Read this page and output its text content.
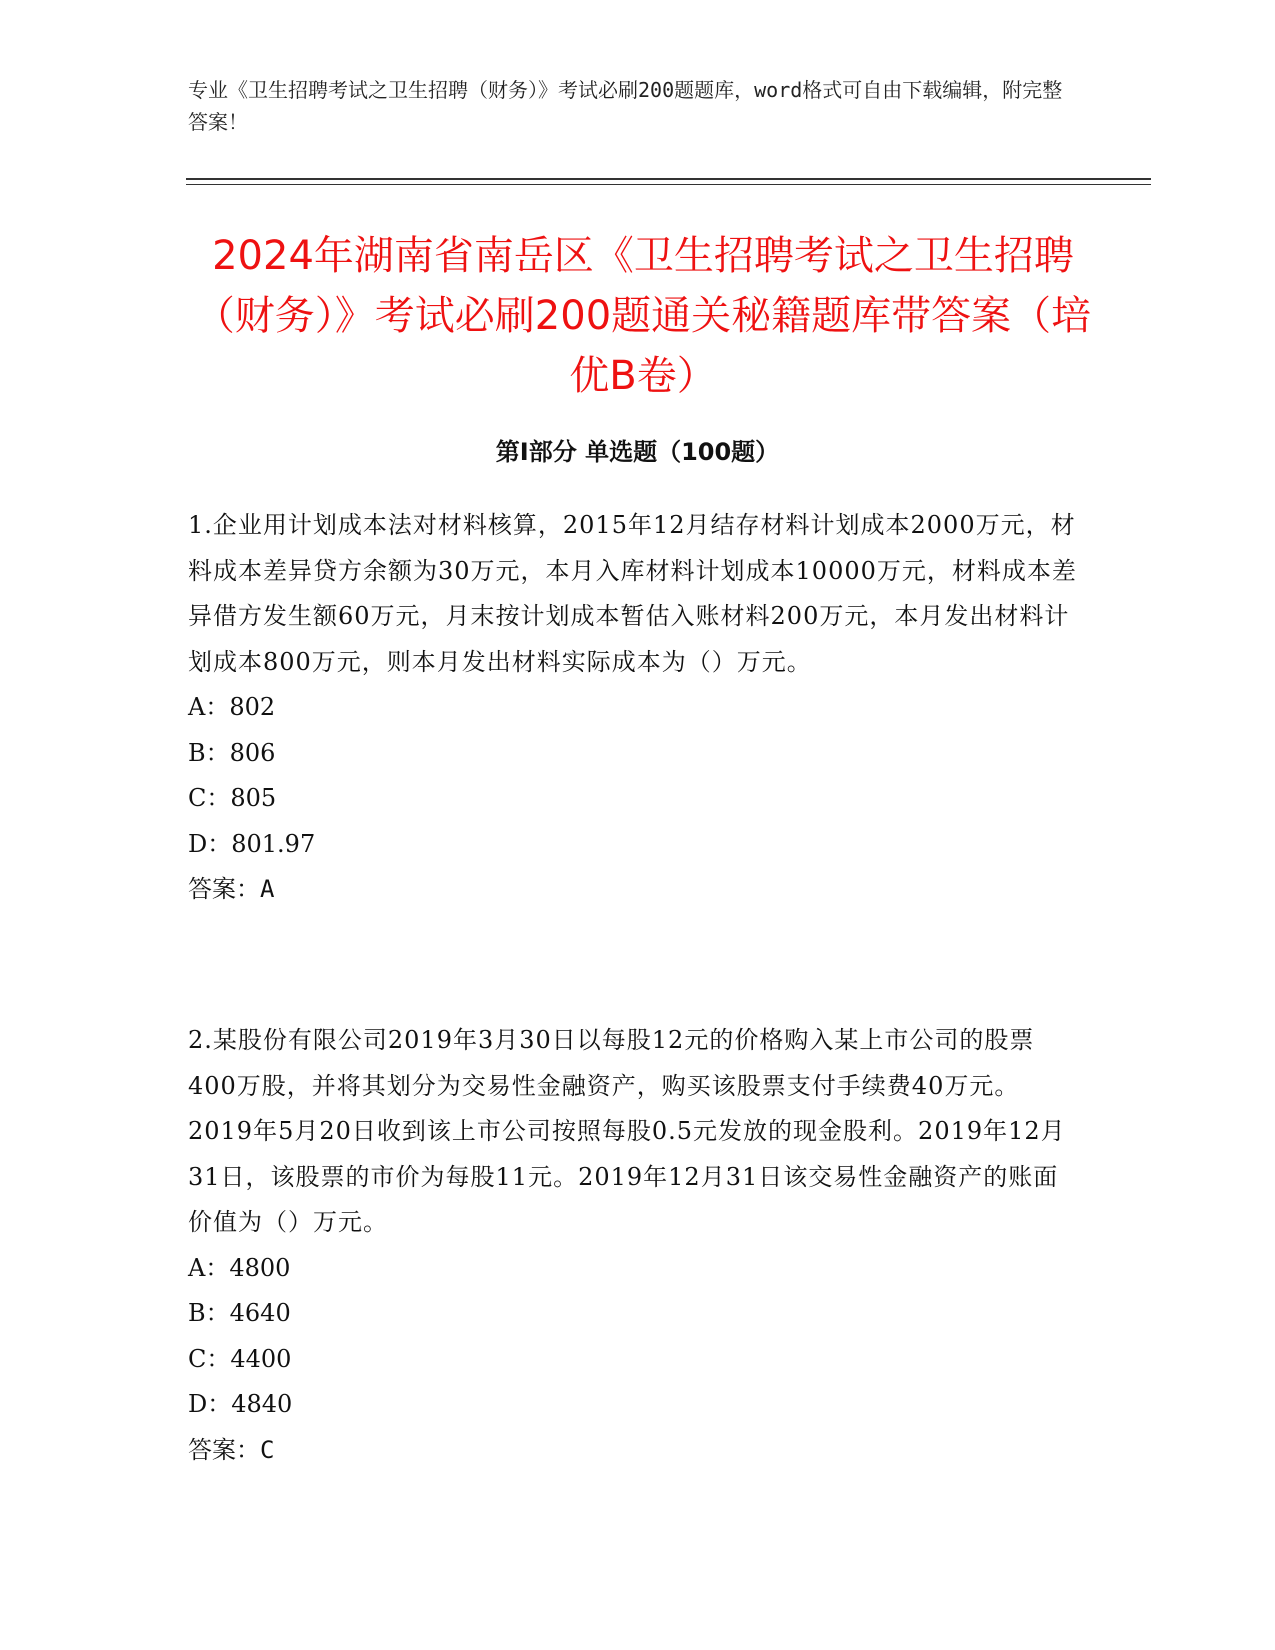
专业《卫生招聘考试之卫生招聘（财务）》考试必刷200题题库，word格式可自由下载编辑，附完整答案！
2024年湖南省南岳区《卫生招聘考试之卫生招聘（财务）》考试必刷200题通关秘籍题库带答案（培优B卷）
第Ⅰ部分 单选题（100题）
1.企业用计划成本法对材料核算，2015年12月结存材料计划成本2000万元，材料成本差异贷方余额为30万元，本月入库材料计划成本10000万元，材料成本差异借方发生额60万元，月末按计划成本暂估入账材料200万元，本月发出材料计划成本800万元，则本月发出材料实际成本为（）万元。
A：802
B：806
C：805
D：801.97
答案：A
2.某股份有限公司2019年3月30日以每股12元的价格购入某上市公司的股票400万股，并将其划分为交易性金融资产，购买该股票支付手续费40万元。2019年5月20日收到该上市公司按照每股0.5元发放的现金股利。2019年12月31日，该股票的市价为每股11元。2019年12月31日该交易性金融资产的账面价值为（）万元。
A：4800
B：4640
C：4400
D：4840
答案：C
